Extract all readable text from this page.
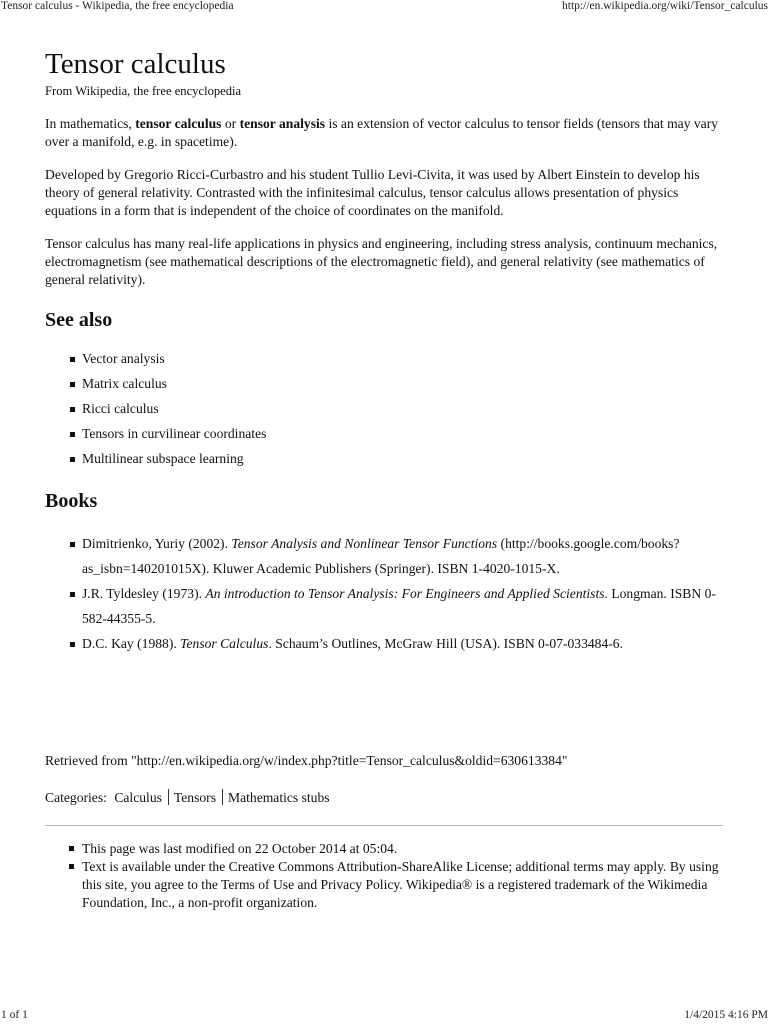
Tensor calculus - Wikipedia, the free encyclopedia	http://en.wikipedia.org/wiki/Tensor_calculus
Tensor calculus
From Wikipedia, the free encyclopedia

In mathematics, tensor calculus or tensor analysis is an extension of vector calculus to tensor fields (tensors that may vary over a manifold, e.g. in spacetime).

Developed by Gregorio Ricci-Curbastro and his student Tullio Levi-Civita, it was used by Albert Einstein to develop his theory of general relativity. Contrasted with the infinitesimal calculus, tensor calculus allows presentation of physics equations in a form that is independent of the choice of coordinates on the manifold.

Tensor calculus has many real-life applications in physics and engineering, including stress analysis, continuum mechanics, electromagnetism (see mathematical descriptions of the electromagnetic field), and general relativity (see mathematics of general relativity).

See also
Vector analysis
Matrix calculus
Ricci calculus
Tensors in curvilinear coordinates
Multilinear subspace learning
Books
Dimitrienko, Yuriy (2002). Tensor Analysis and Nonlinear Tensor Functions (http://books.google.com/books?as_isbn=140201015X). Kluwer Academic Publishers (Springer). ISBN 1-4020-1015-X.
J.R. Tyldesley (1973). An introduction to Tensor Analysis: For Engineers and Applied Scientists. Longman. ISBN 0-582-44355-5.
D.C. Kay (1988). Tensor Calculus. Schaum’s Outlines, McGraw Hill (USA). ISBN 0-07-033484-6.
Retrieved from "http://en.wikipedia.org/w/index.php?title=Tensor_calculus&oldid=630613384"
Categories: Calculus Tensors Mathematics stubs
This page was last modified on 22 October 2014 at 05:04.
Text is available under the Creative Commons Attribution-ShareAlike License; additional terms may apply. By using this site, you agree to the Terms of Use and Privacy Policy. Wikipedia® is a registered trademark of the Wikimedia Foundation, Inc., a non-profit organization.
1 of 1	1/4/2015 4:16 PM
